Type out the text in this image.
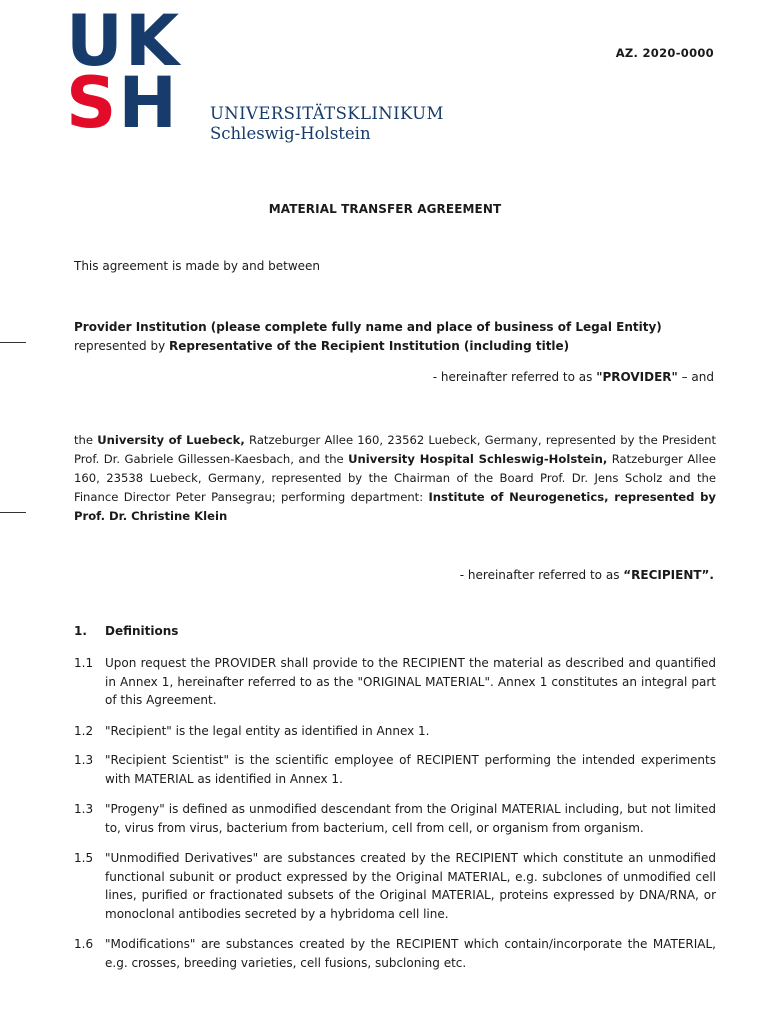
UK
SH	UNIVERSITÄTSKLINIKUM
Schleswig-Holstein
AZ. 2020-0000
MATERIAL TRANSFER AGREEMENT
This agreement is made by and between
Provider Institution (please complete fully name and place of business of Legal Entity) represented by Representative of the Recipient Institution (including title)
- hereinafter referred to as "PROVIDER" – and
the University of Luebeck, Ratzeburger Allee 160, 23562 Luebeck, Germany, represented by the President Prof. Dr. Gabriele Gillessen-Kaesbach, and the University Hospital Schleswig-Holstein, Ratzeburger Allee 160, 23538 Luebeck, Germany, represented by the Chairman of the Board Prof. Dr. Jens Scholz and the Finance Director Peter Pansegrau; performing department: Institute of Neurogenetics, represented by Prof. Dr. Christine Klein
- hereinafter referred to as “RECIPIENT”.
1. Definitions
1.1 Upon request the PROVIDER shall provide to the RECIPIENT the material as described and quantified in Annex 1, hereinafter referred to as the "ORIGINAL MATERIAL". Annex 1 constitutes an integral part of this Agreement.
1.2 "Recipient" is the legal entity as identified in Annex 1.
1.3 "Recipient Scientist" is the scientific employee of RECIPIENT performing the intended experiments with MATERIAL as identified in Annex 1.
1.3 "Progeny" is defined as unmodified descendant from the Original MATERIAL including, but not limited to, virus from virus, bacterium from bacterium, cell from cell, or organism from organism.
1.5 "Unmodified Derivatives" are substances created by the RECIPIENT which constitute an unmodified functional subunit or product expressed by the Original MATERIAL, e.g. subclones of unmodified cell lines, purified or fractionated subsets of the Original MATERIAL, proteins expressed by DNA/RNA, or monoclonal antibodies secreted by a hybridoma cell line.
1.6 "Modifications" are substances created by the RECIPIENT which contain/incorporate the MATERIAL, e.g. crosses, breeding varieties, cell fusions, subcloning etc.
